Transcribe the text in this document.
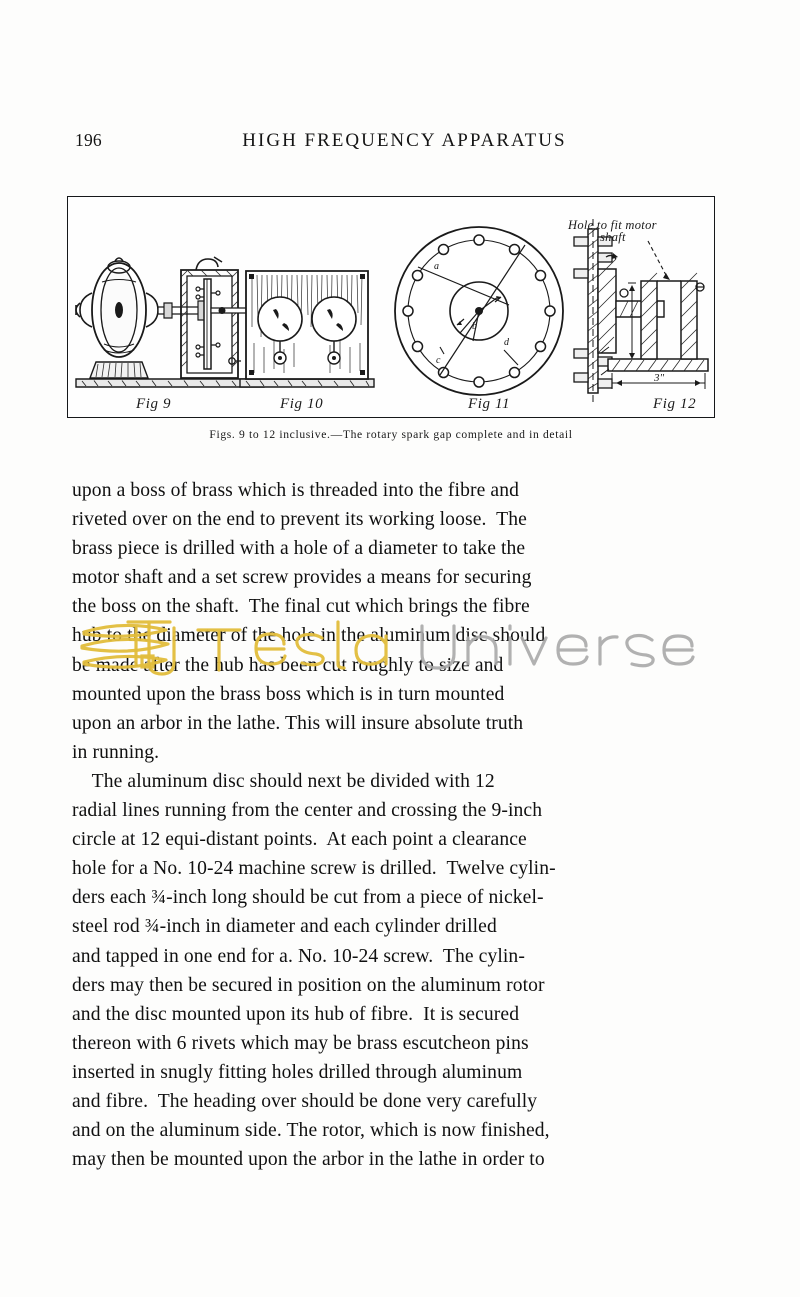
196	HIGH FREQUENCY APPARATUS
Fig 9	Fig 10
a
b
c
d
Fig 11
Hole to fit motor
shaft
3"
Fig 12
Figs. 9 to 12 inclusive.—The rotary spark gap complete and in detail
upon a boss of brass which is threaded into the fibre and
riveted over on the end to prevent its working loose.  The
brass piece is drilled with a hole of a diameter to take the
motor shaft and a set screw provides a means for securing
the boss on the shaft.  The final cut which brings the fibre
hub to the diameter of the hole in the aluminum disc should
be made after the hub has been cut roughly to size and
mounted upon the brass boss which is in turn mounted
upon an arbor in the lathe. This will insure absolute truth
in running.
The aluminum disc should next be divided with 12
radial lines running from the center and crossing the 9-inch
circle at 12 equi-distant points.  At each point a clearance
hole for a No. 10-24 machine screw is drilled.  Twelve cylin-
ders each ¾-inch long should be cut from a piece of nickel-
steel rod ¾-inch in diameter and each cylinder drilled
and tapped in one end for a. No. 10-24 screw.  The cylin-
ders may then be secured in position on the aluminum rotor
and the disc mounted upon its hub of fibre.  It is secured
thereon with 6 rivets which may be brass escutcheon pins
inserted in snugly fitting holes drilled through aluminum
and fibre.  The heading over should be done very carefully
and on the aluminum side. The rotor, which is now finished,
may then be mounted upon the arbor in the lathe in order to
